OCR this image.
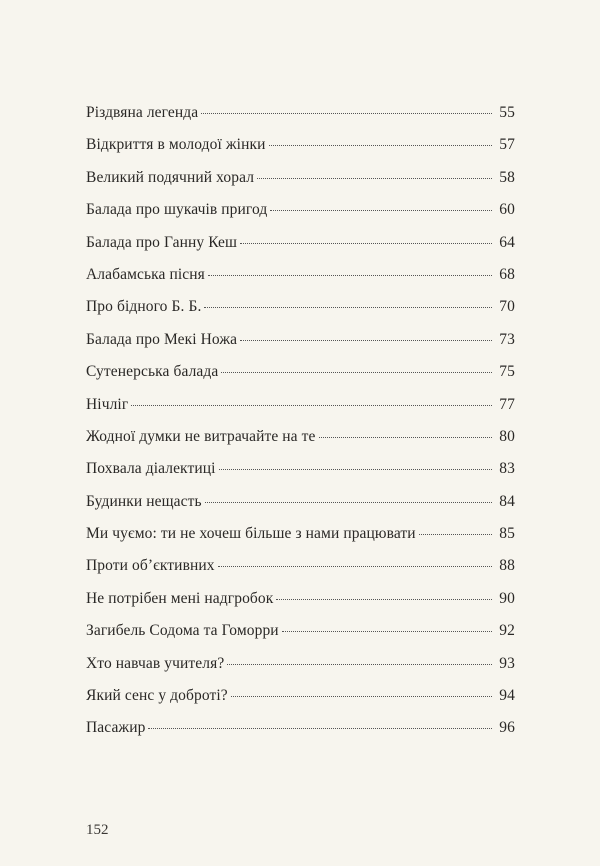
Різдвяна легенда	55
Відкриття в молодої жінки	57
Великий подячний хорал	58
Балада про шукачів пригод	60
Балада про Ганну Кеш	64
Алабамська пісня	68
Про бідного Б. Б.	70
Балада про Мекі Ножа	73
Сутенерська балада	75
Нічліг	77
Жодної думки не витрачайте на те	80
Похвала діалектиці	83
Будинки нещасть	84
Ми чуємо: ти не хочеш більше з нами працювати	85
Проти об’єктивних	88
Не потрібен мені надгробок	90
Загибель Содома та Гоморри	92
Хто навчав учителя?	93
Який сенс у доброті?	94
Пасажир	96
152
